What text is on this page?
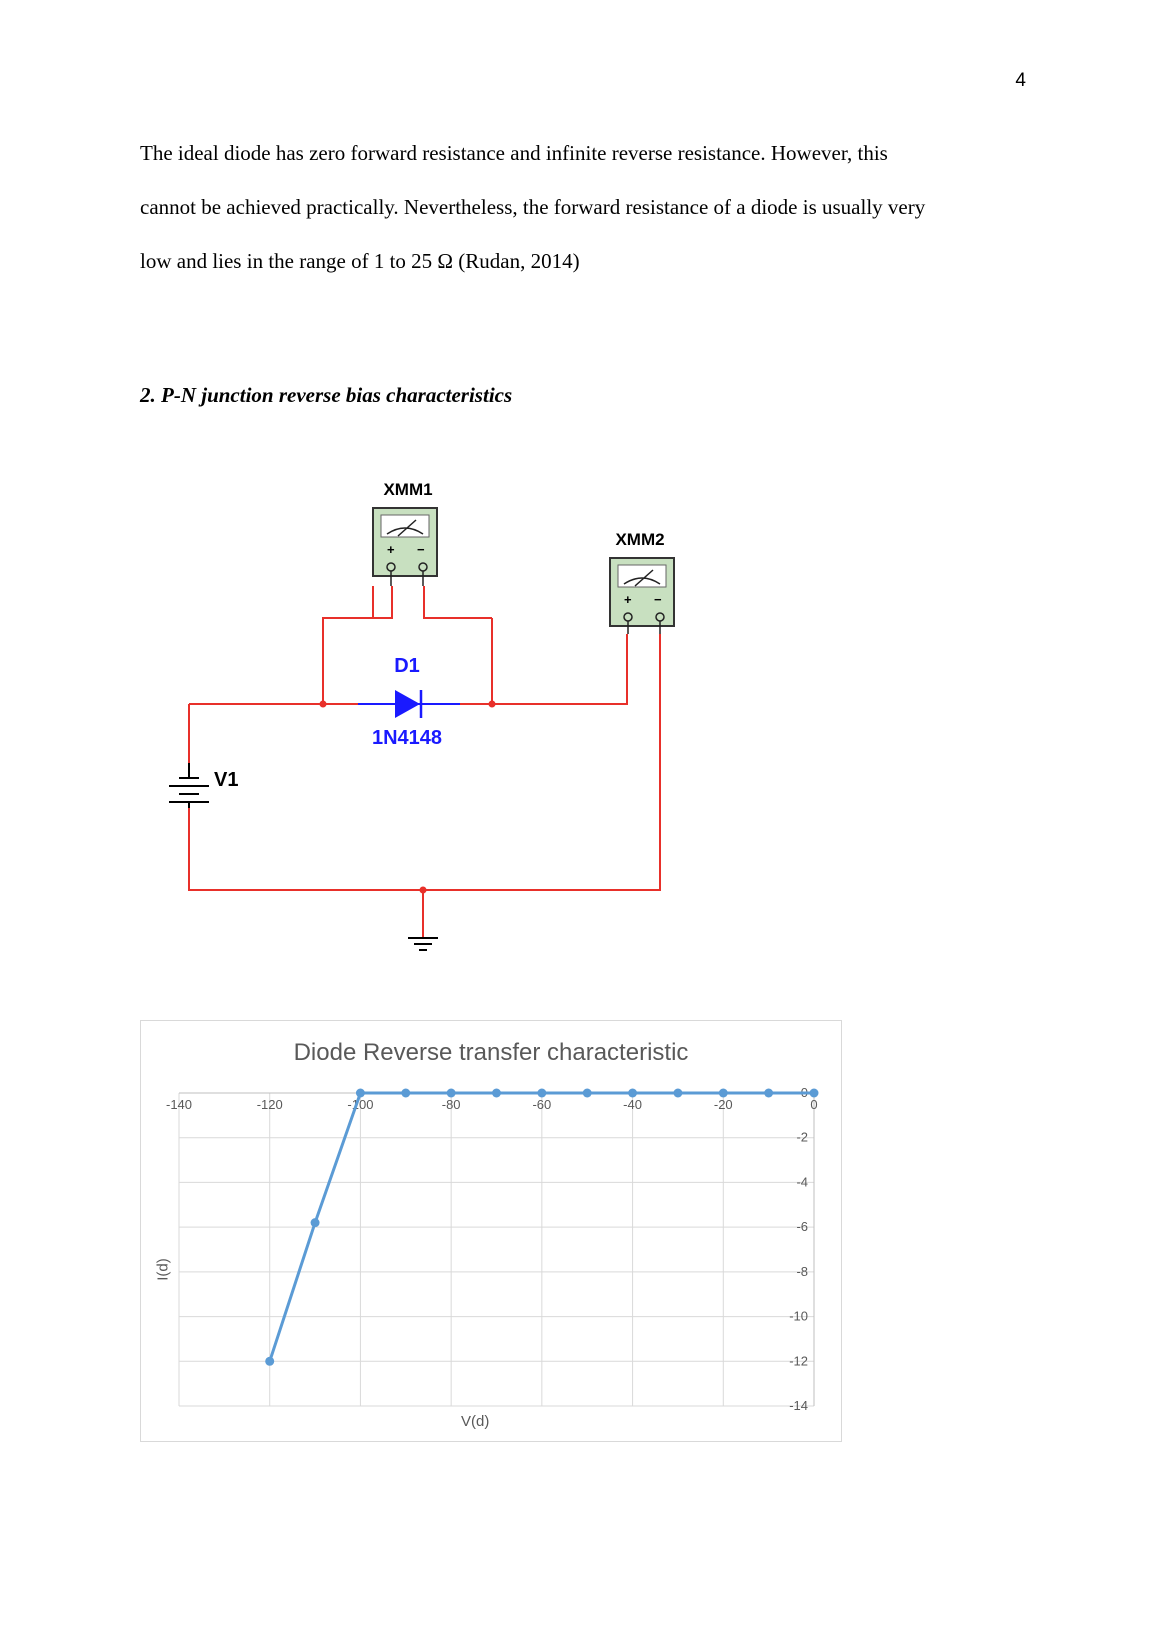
4
The ideal diode has zero forward resistance and infinite reverse resistance. However, this
cannot be achieved practically. Nevertheless, the forward resistance of a diode is usually very
low and lies in the range of 1 to 25 Ω (Rudan, 2014)
2. P-N junction reverse bias characteristics
XMM1
+ −
XMM2
+ −
D1
1N4148
V1
Diode Reverse transfer characteristic
-140	-120	-100	-80	-60	-40	-20	0
0
-2
-4
-6
-8
-10
-12
-14
I(d)
V(d)
